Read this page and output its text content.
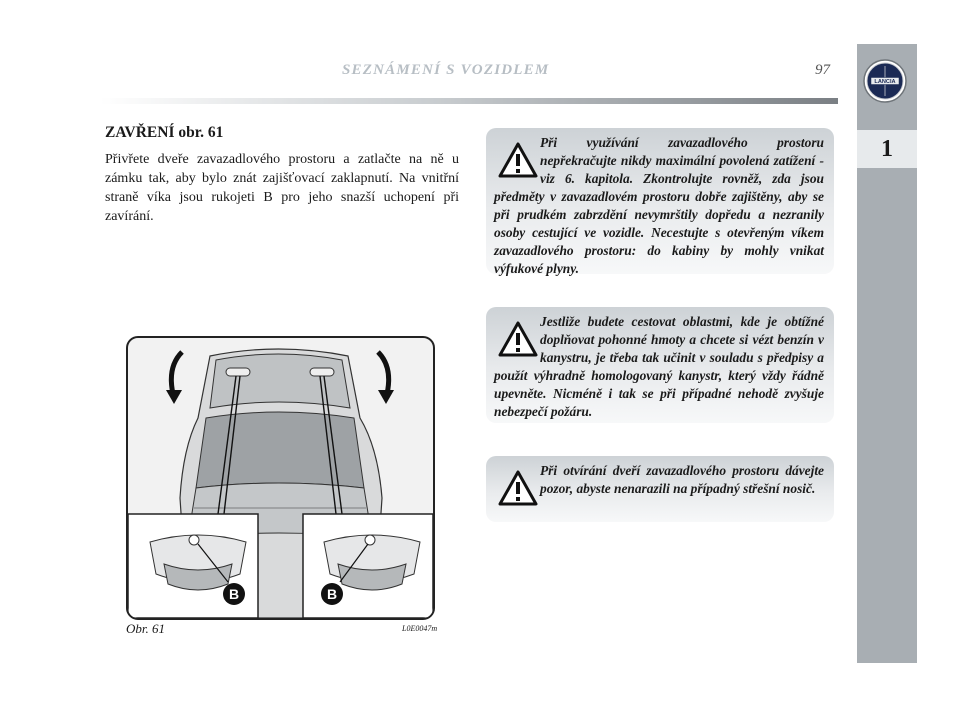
SEZNÁMENÍ S VOZIDLEM	97
LANCIA
1
ZAVŘENÍ obr. 61
Přivřete dveře zavazadlového prostoru a zatlačte na ně u zámku tak, aby bylo znát zajišťovací zaklapnutí. Na vnitřní straně víka jsou rukojeti B pro jeho snazší uchopení při zavírání.
Při využívání zavazadlového prostoru nepřekračujte nikdy maximální povolená zatížení - viz 6. kapitola. Zkontrolujte rovněž, zda jsou předměty v zavazadlovém prostoru dobře zajištěny, aby se při prudkém zabrzdění nevymrštily dopředu a nezranily osoby cestující ve vozidle. Necestujte s otevřeným víkem zavazadlového prostoru: do kabiny by mohly vnikat výfukové plyny.
Jestliže budete cestovat oblastmi, kde je obtížné doplňovat pohonné hmoty a chcete si vézt benzín v kanystru, je třeba tak učinit v souladu s předpisy a použít výhradně homologovaný kanystr, který vždy řádně upevněte. Nicméně i tak se při případné nehodě zvyšuje nebezpečí požáru.
Při otvírání dveří zavazadlového prostoru dávejte pozor, abyste nenarazili na případný střešní nosič.
B	B
Obr. 61	L0E0047m
